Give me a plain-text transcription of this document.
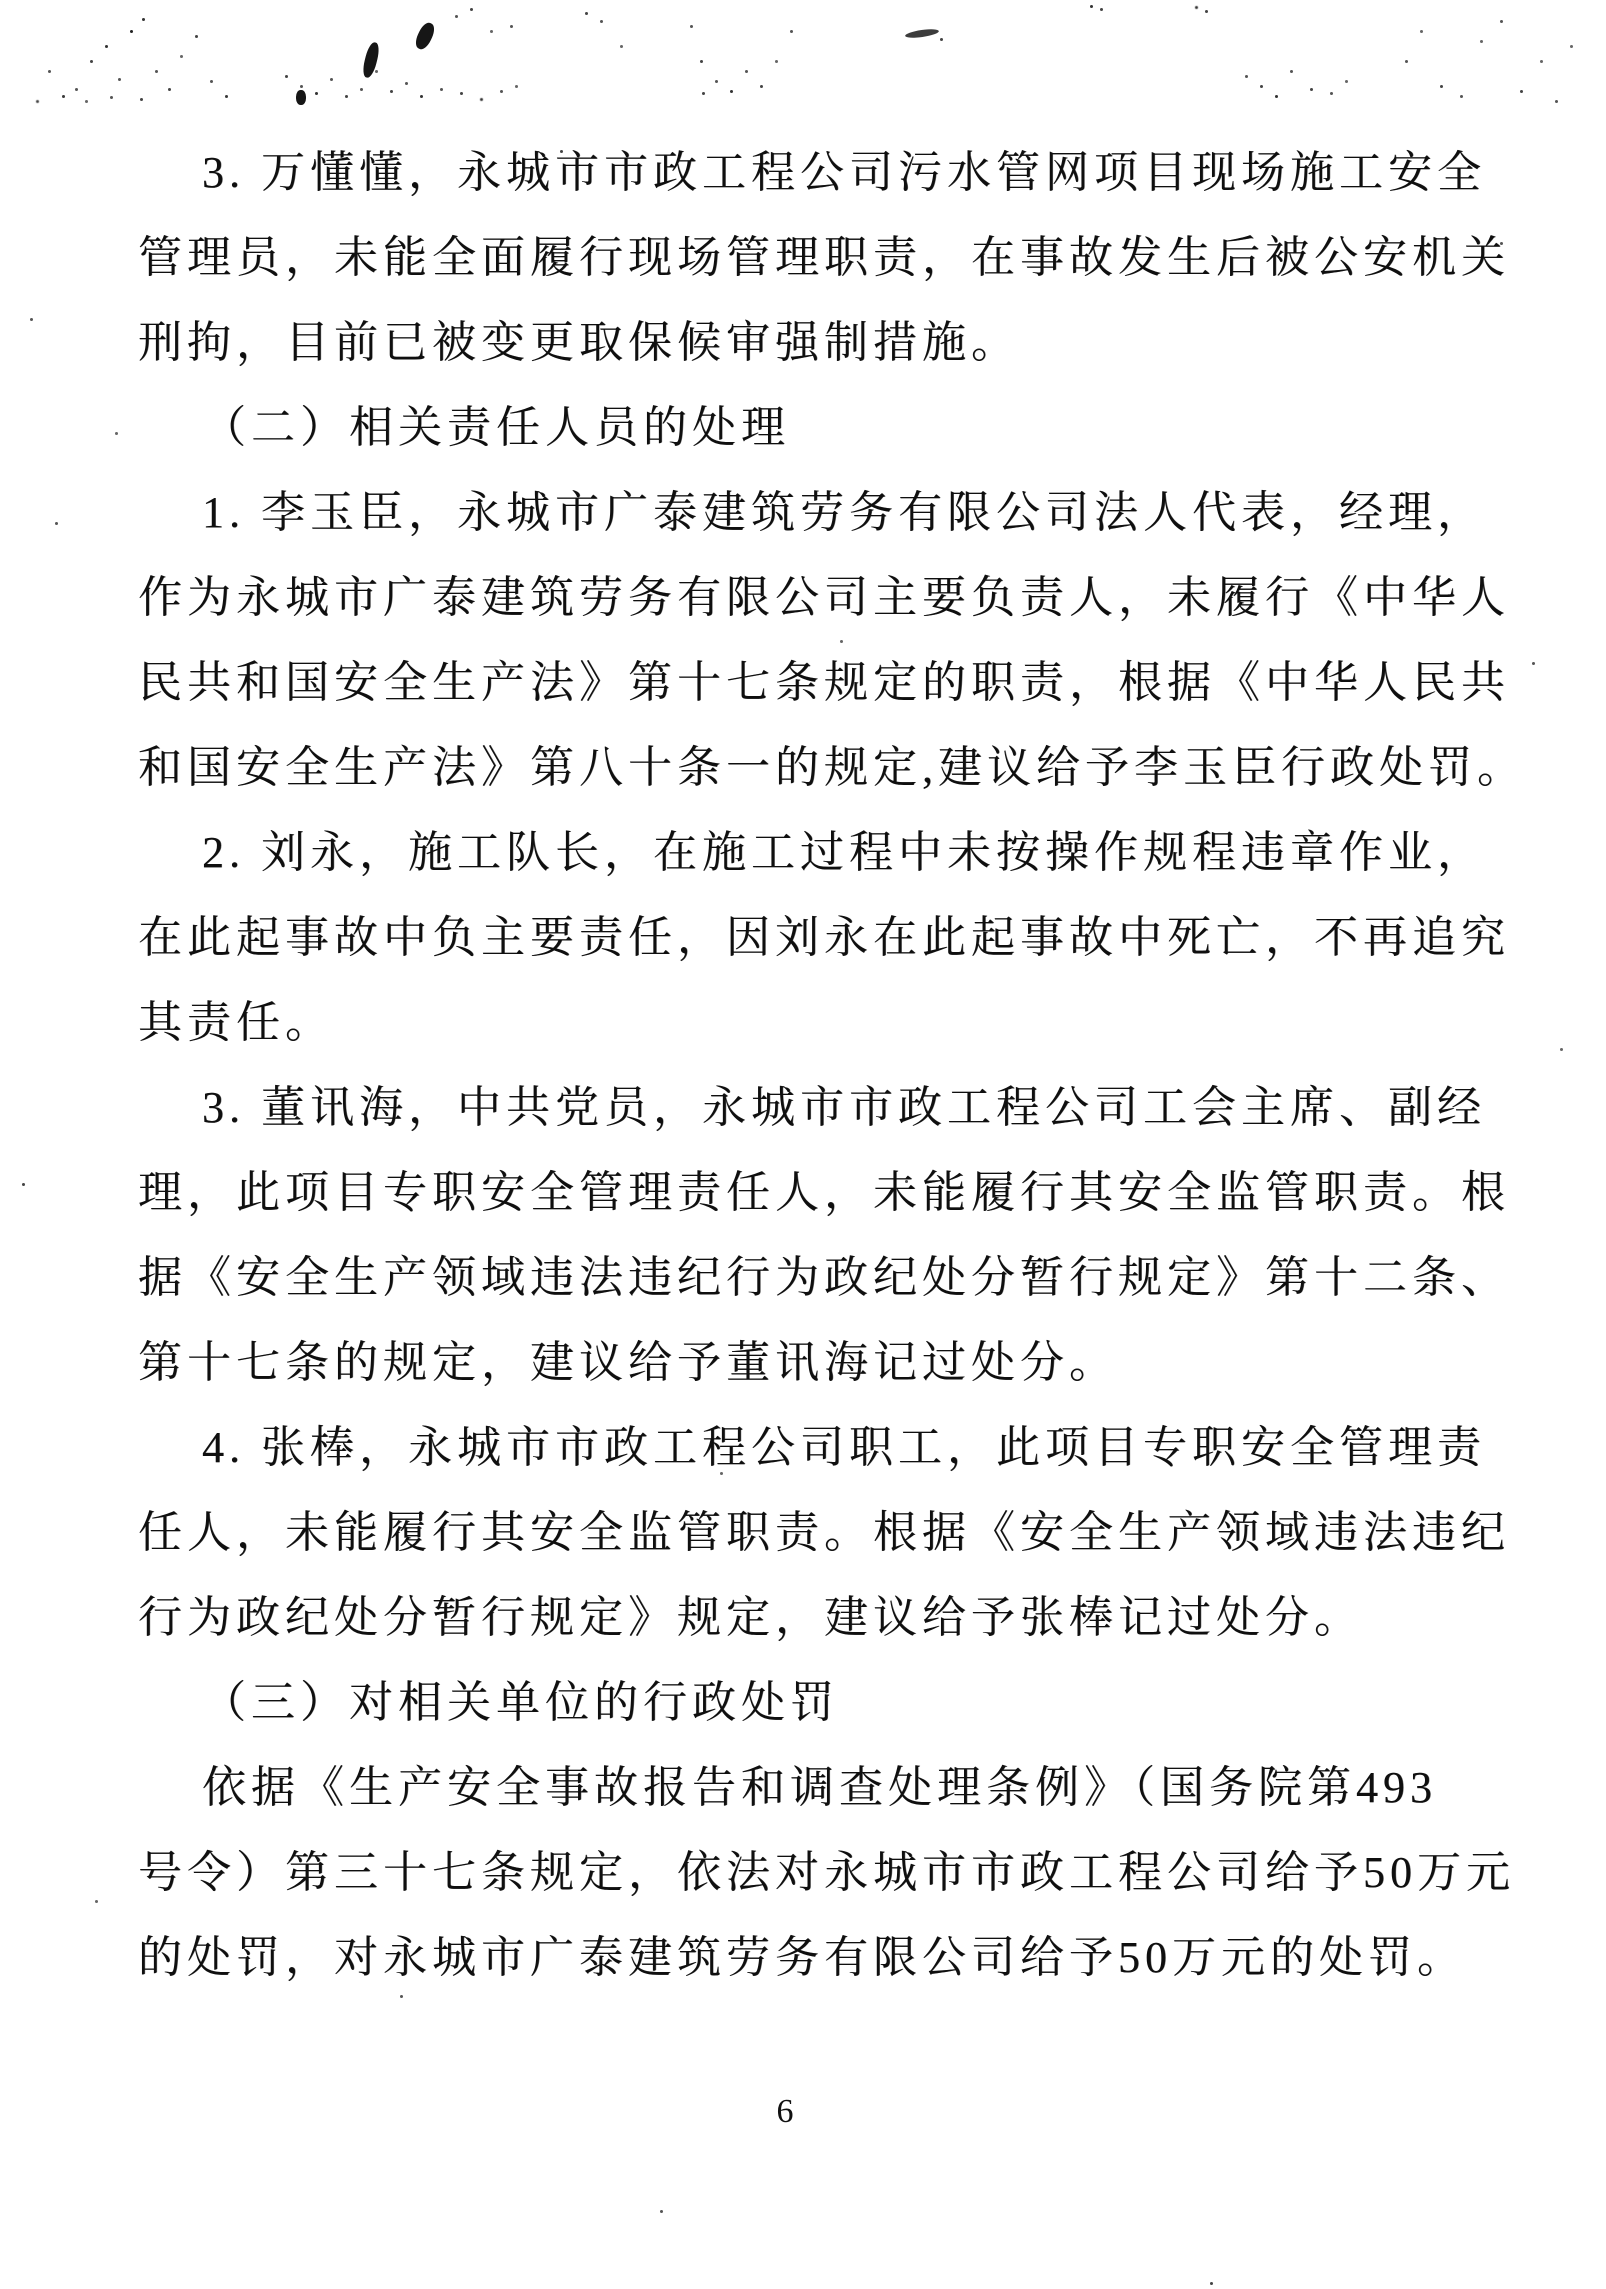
3. 万懂懂，永城市市政工程公司污水管网项目现场施工安全
管理员，未能全面履行现场管理职责，在事故发生后被公安机关
刑拘，目前已被变更取保候审强制措施。
（二）相关责任人员的处理
1. 李玉臣，永城市广泰建筑劳务有限公司法人代表，经理，
作为永城市广泰建筑劳务有限公司主要负责人，未履行《中华人
民共和国安全生产法》第十七条规定的职责，根据《中华人民共
和国安全生产法》第八十条一的规定,建议给予李玉臣行政处罚。
2. 刘永，施工队长，在施工过程中未按操作规程违章作业，
在此起事故中负主要责任，因刘永在此起事故中死亡，不再追究
其责任。
3. 董讯海，中共党员，永城市市政工程公司工会主席、副经
理，此项目专职安全管理责任人，未能履行其安全监管职责。根
据《安全生产领域违法违纪行为政纪处分暂行规定》第十二条、
第十七条的规定，建议给予董讯海记过处分。
4. 张棒，永城市市政工程公司职工，此项目专职安全管理责
任人，未能履行其安全监管职责。根据《安全生产领域违法违纪
行为政纪处分暂行规定》规定，建议给予张棒记过处分。
（三）对相关单位的行政处罚
依据《生产安全事故报告和调查处理条例》（国务院第493
号令）第三十七条规定，依法对永城市市政工程公司给予50万元
的处罚，对永城市广泰建筑劳务有限公司给予50万元的处罚。
6
